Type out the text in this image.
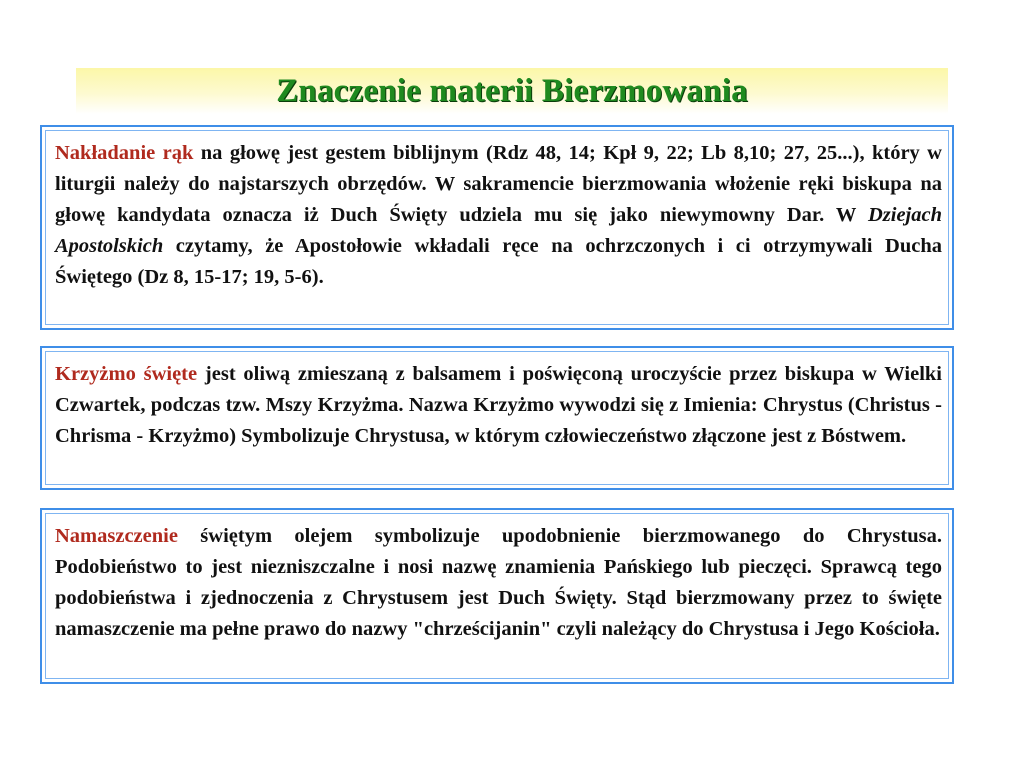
Znaczenie materii Bierzmowania
Nakładanie rąk na głowę jest gestem biblijnym (Rdz 48, 14; Kpł 9, 22; Lb 8,10; 27, 25...), który w liturgii należy do najstarszych obrzędów. W sakramencie bierzmowania włożenie ręki biskupa na głowę kandydata oznacza iż Duch Święty udziela mu się jako niewymowny Dar. W Dziejach Apostolskich czytamy, że Apostołowie wkładali ręce na ochrzczonych i ci otrzymywali Ducha Świętego (Dz 8, 15-17; 19, 5-6).
Krzyżmo święte jest oliwą zmieszaną z balsamem i poświęconą uroczyście przez biskupa w Wielki Czwartek, podczas tzw. Mszy Krzyżma. Nazwa Krzyżmo wywodzi się z Imienia: Chrystus (Christus - Chrisma - Krzyżmo) Symbolizuje Chrystusa, w którym człowieczeństwo złączone jest z Bóstwem.
Namaszczenie świętym olejem symbolizuje upodobnienie bierzmowanego do Chrystusa. Podobieństwo to jest niezniszczalne i nosi nazwę znamienia Pańskiego lub pieczęci. Sprawcą tego podobieństwa i zjednoczenia z Chrystusem jest Duch Święty. Stąd bierzmowany przez to święte namaszczenie ma pełne prawo do nazwy "chrześcijanin" czyli należący do Chrystusa i Jego Kościoła.
